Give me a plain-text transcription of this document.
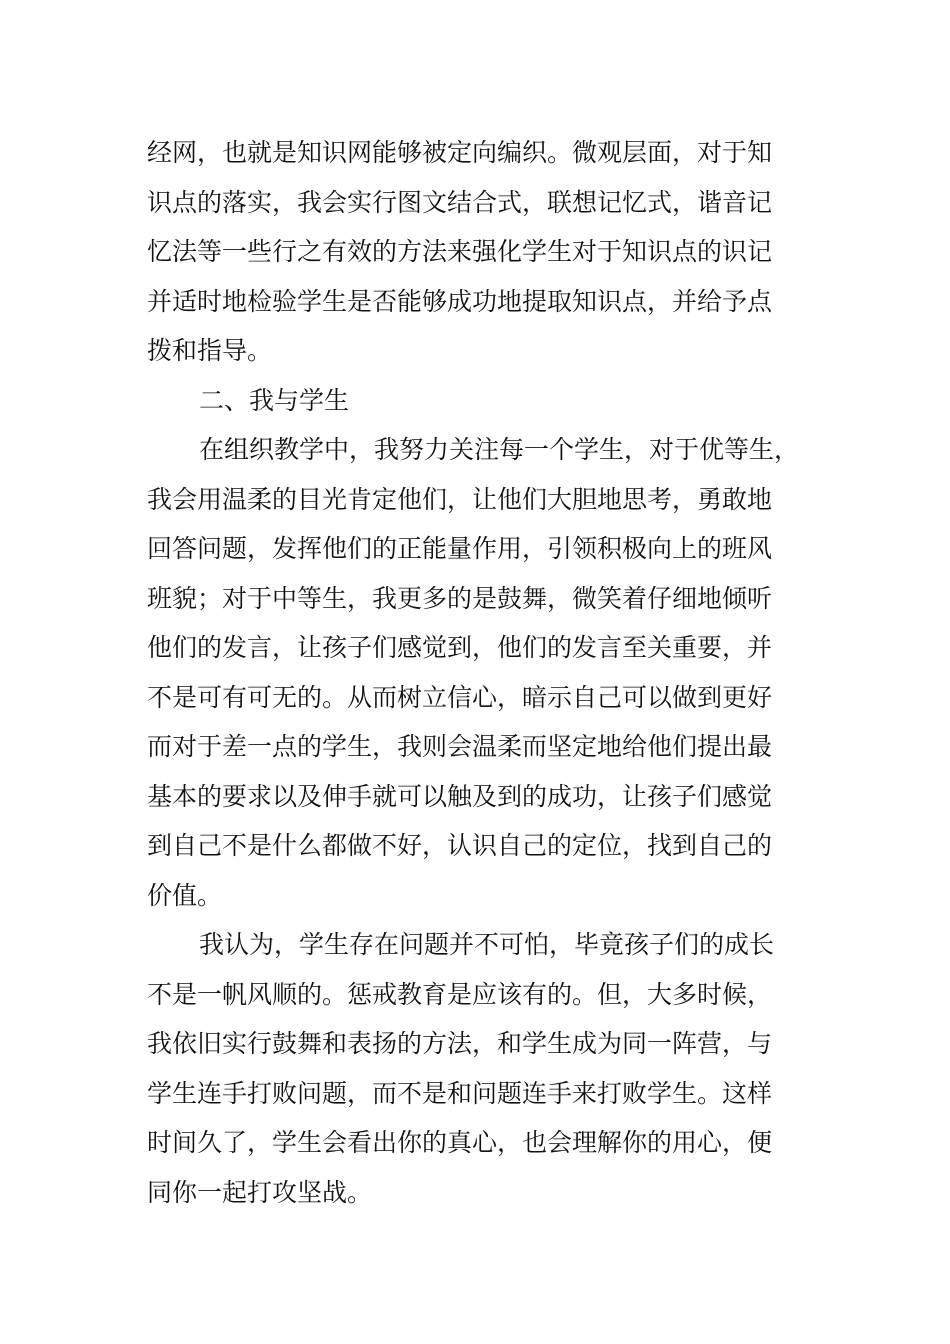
经网，也就是知识网能够被定向编织。微观层面，对于知
识点的落实，我会实行图文结合式，联想记忆式，谐音记
忆法等一些行之有效的方法来强化学生对于知识点的识记
并适时地检验学生是否能够成功地提取知识点，并给予点
拨和指导。
二、我与学生
在组织教学中，我努力关注每一个学生，对于优等生，
我会用温柔的目光肯定他们，让他们大胆地思考，勇敢地
回答问题，发挥他们的正能量作用，引领积极向上的班风
班貌；对于中等生，我更多的是鼓舞，微笑着仔细地倾听
他们的发言，让孩子们感觉到，他们的发言至关重要，并
不是可有可无的。从而树立信心，暗示自己可以做到更好
而对于差一点的学生，我则会温柔而坚定地给他们提出最
基本的要求以及伸手就可以触及到的成功，让孩子们感觉
到自己不是什么都做不好，认识自己的定位，找到自己的
价值。
我认为，学生存在问题并不可怕，毕竟孩子们的成长
不是一帆风顺的。惩戒教育是应该有的。但，大多时候，
我依旧实行鼓舞和表扬的方法，和学生成为同一阵营，与
学生连手打败问题，而不是和问题连手来打败学生。这样
时间久了，学生会看出你的真心，也会理解你的用心，便
同你一起打攻坚战。
